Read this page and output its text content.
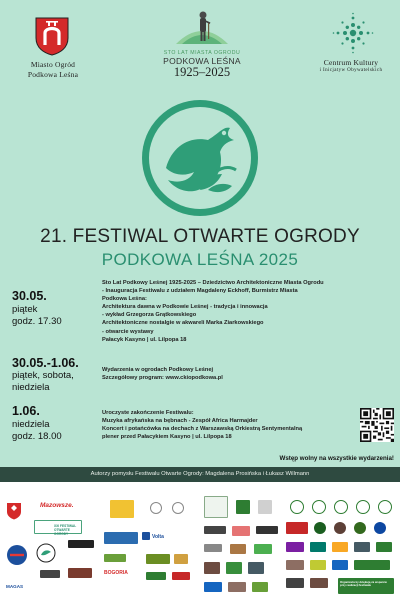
Miasto Ogród
Podkowa Leśna
STO LAT MIASTA OGRODU
PODKOWA LEŚNA
1925–2025
Centrum Kultury
i Inicjatyw Obywatelskich
21. FESTIWAL OTWARTE OGRODY
PODKOWA LEŚNA 2025
30.05.
piątek
godz. 17.30
Sto Lat Podkowy Leśnej 1925-2025 – Dziedzictwo Architektoniczne Miasta Ogrodu
- Inauguracja Festiwalu z udziałem Magdaleny Eckhoff, Burmistrz Miasta
Podkowa Leśna:
Architektura dawna w Podkowie Leśnej - tradycja i innowacja
- wykład Grzegorza Grątkowskiego
Architektoniczne nostalgie w akwareli Marka Ziarkowskiego
- otwarcie wystawy
Pałacyk Kasyno | ul. Lilpopa 18
30.05.-1.06.
piątek, sobota,
niedziela
Wydarzenia w ogrodach Podkowy Leśnej
Szczegółowy program: www.ckiopodkowa.pl
1.06.
niedziela
godz. 18.00
Uroczyste zakończenie Festiwalu:
Muzyka afrykańska na bębnach - Zespół Africa Harmajder
Koncert i potańcówka na dechach z Warszawską Orkiestrą Sentymentalną
plener przed Pałacykiem Kasyno | ul. Lilpopa 18
Wstęp wolny na wszystkie wydarzenia!
Autorzy pomysłu Festiwalu Otwarte Ogrody: Magdalena Prosińska i Łukasz Willmann
MAGAS
Mazowsze.
XXI FESTIWAL OTWARTE OGRODY
BOGORIA
Volta
Organizatorzy dziękują za wsparcie przy realizacji festiwalu
